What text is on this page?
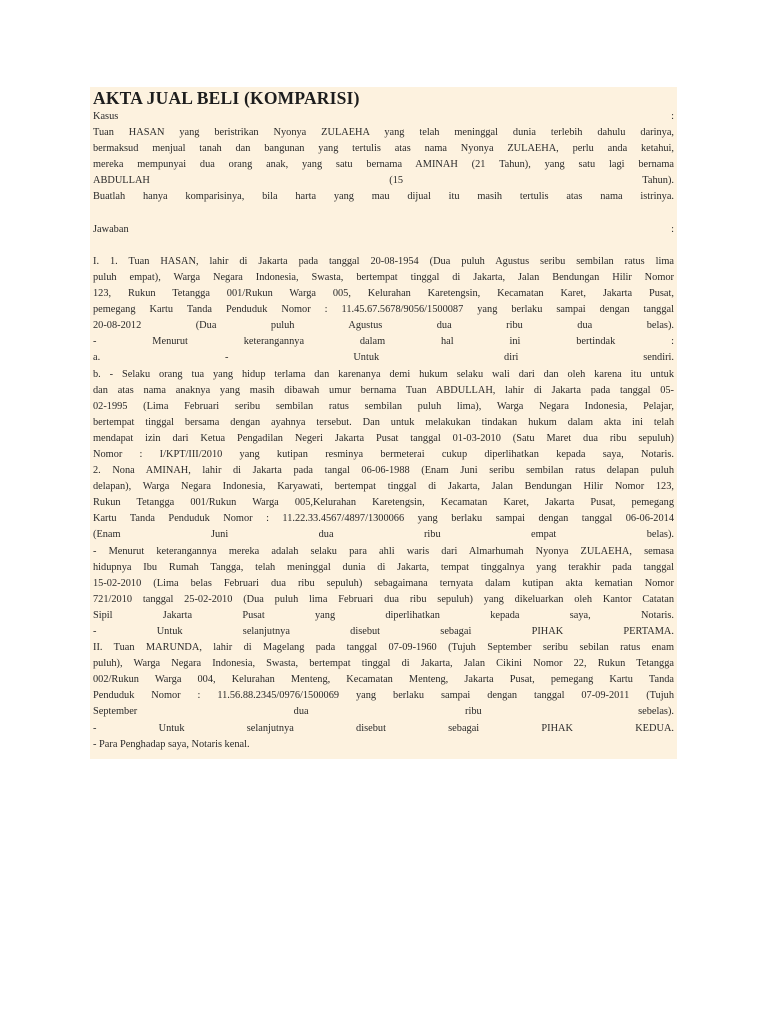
AKTA JUAL BELI (KOMPARISI)

Kasus :

Tuan HASAN yang beristrikan Nyonya ZULAEHA yang telah meninggal dunia terlebih dahulu darinya,

bermaksud menjual tanah dan bangunan yang tertulis atas nama Nyonya ZULAEHA, perlu anda ketahui,

mereka mempunyai dua orang anak, yang satu bernama AMINAH (21 Tahun), yang satu lagi bernama

ABDULLAH (15 Tahun).

Buatlah hanya komparisinya, bila harta yang mau dijual itu masih tertulis atas nama istrinya.

Jawaban :

I. 1. Tuan HASAN, lahir di Jakarta pada tanggal 20-08-1954 (Dua puluh Agustus seribu sembilan ratus lima

puluh empat), Warga Negara Indonesia, Swasta, bertempat tinggal di Jakarta, Jalan Bendungan Hilir Nomor

123, Rukun Tetangga 001/Rukun Warga 005, Kelurahan Karetengsin, Kecamatan Karet, Jakarta Pusat,

pemegang Kartu Tanda Penduduk Nomor : 11.45.67.5678/9056/1500087 yang berlaku sampai dengan tanggal

20-08-2012 (Dua puluh Agustus dua ribu dua belas).

- Menurut keterangannya dalam hal ini bertindak :

a. - Untuk diri sendiri.

b. - Selaku orang tua yang hidup terlama dan karenanya demi hukum selaku wali dari dan oleh karena itu untuk

dan atas nama anaknya yang masih dibawah umur bernama Tuan ABDULLAH, lahir di Jakarta pada tanggal 05-

02-1995 (Lima Februari seribu sembilan ratus sembilan puluh lima), Warga Negara Indonesia, Pelajar,

bertempat tinggal bersama dengan ayahnya tersebut. Dan untuk melakukan tindakan hukum dalam akta ini telah

mendapat izin dari Ketua Pengadilan Negeri Jakarta Pusat tanggal 01-03-2010 (Satu Maret dua ribu sepuluh)

Nomor : I/KPT/III/2010 yang kutipan resminya bermeterai cukup diperlihatkan kepada saya, Notaris.

2. Nona AMINAH, lahir di Jakarta pada tangal 06-06-1988 (Enam Juni seribu sembilan ratus delapan puluh

delapan), Warga Negara Indonesia, Karyawati, bertempat tinggal di Jakarta, Jalan Bendungan Hilir Nomor 123,

Rukun Tetangga 001/Rukun Warga 005,Kelurahan Karetengsin, Kecamatan Karet, Jakarta Pusat, pemegang

Kartu Tanda Penduduk Nomor : 11.22.33.4567/4897/1300066 yang berlaku sampai dengan tanggal 06-06-2014

(Enam Juni dua ribu empat belas).

- Menurut keterangannya mereka adalah selaku para ahli waris dari Almarhumah Nyonya ZULAEHA, semasa

hidupnya Ibu Rumah Tangga, telah meninggal dunia di Jakarta, tempat tinggalnya yang terakhir pada tanggal

15-02-2010 (Lima belas Februari dua ribu sepuluh) sebagaimana ternyata dalam kutipan akta kematian Nomor

721/2010 tanggal 25-02-2010 (Dua puluh lima Februari dua ribu sepuluh) yang dikeluarkan oleh Kantor Catatan

Sipil Jakarta Pusat yang diperlihatkan kepada saya, Notaris.

- Untuk selanjutnya disebut sebagai PIHAK PERTAMA.

II. Tuan MARUNDA, lahir di Magelang pada tanggal 07-09-1960 (Tujuh September seribu sebilan ratus enam

puluh), Warga Negara Indonesia, Swasta, bertempat tinggal di Jakarta, Jalan Cikini Nomor 22, Rukun Tetangga

002/Rukun Warga 004, Kelurahan Menteng, Kecamatan Menteng, Jakarta Pusat, pemegang Kartu Tanda

Penduduk Nomor : 11.56.88.2345/0976/1500069 yang berlaku sampai dengan tanggal 07-09-2011 (Tujuh

September dua ribu sebelas).

- Untuk selanjutnya disebut sebagai PIHAK KEDUA.

- Para Penghadap saya, Notaris kenal.
